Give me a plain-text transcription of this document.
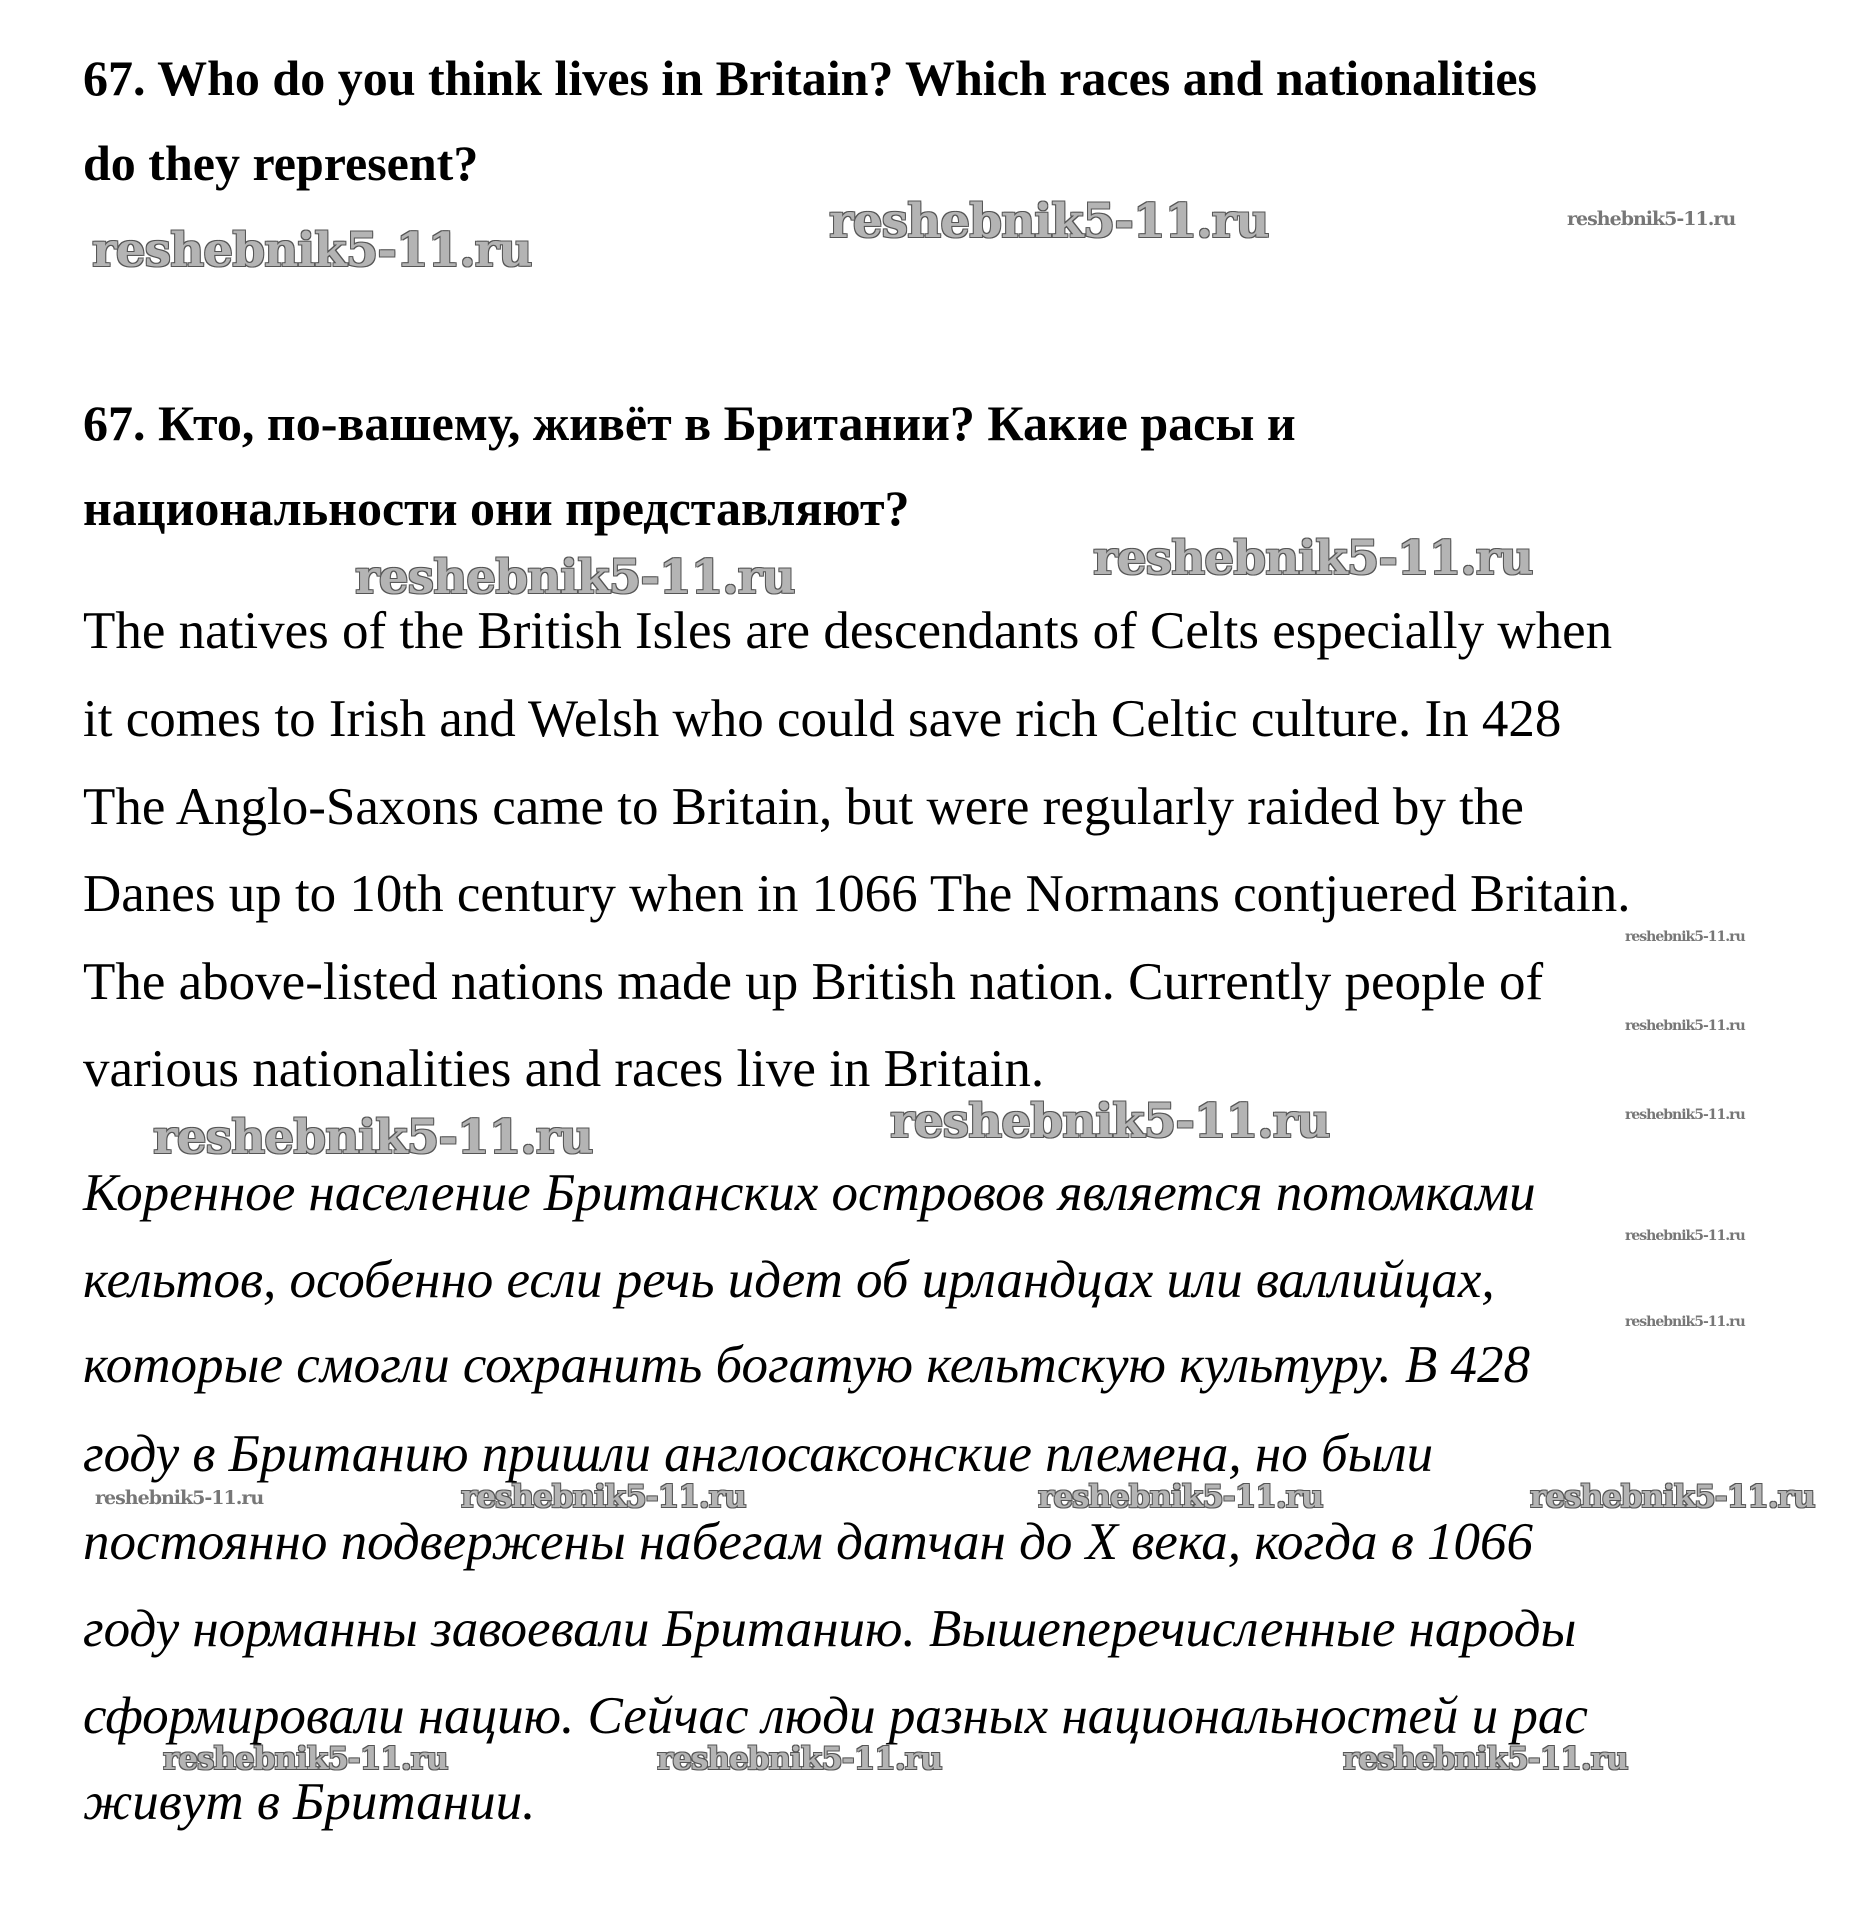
67. Who do you think lives in Britain? Which races and nationalities
do they represent?
67. Кто, по-вашему, живёт в Британии? Какие расы и
национальности они представляют?
The natives of the British Isles are descendants of Celts especially when
it comes to Irish and Welsh who could save rich Celtic culture. In 428
The Anglo-Saxons came to Britain, but were regularly raided by the
Danes up to 10th century when in 1066 The Normans contjuered Britain.
The above-listed nations made up British nation. Currently people of
various nationalities and races live in Britain.
Коренное население Британских островов является потомками
кельтов, особенно если речь идет об ирландцах или валлийцах,
которые смогли сохранить богатую кельтскую культуру. В 428
году в Британию пришли англосаксонские племена, но были
постоянно подвержены набегам датчан до X века, когда в 1066
году норманны завоевали Британию. Вышеперечисленные народы
сформировали нацию. Сейчас люди разных национальностей и рас
живут в Британии.
reshebnik5-11.ru
reshebnik5-11.ru	reshebnik5-11.ru
reshebnik5-11.ru
reshebnik5-11.ru
reshebnik5-11.ru
reshebnik5-11.ru
reshebnik5-11.ru
reshebnik5-11.ru	reshebnik5-11.ru
reshebnik5-11.ru
reshebnik5-11.ru
reshebnik5-11.ru	reshebnik5-11.ru	reshebnik5-11.ru
reshebnik5-11.ru
reshebnik5-11.ru	reshebnik5-11.ru	reshebnik5-11.ru
